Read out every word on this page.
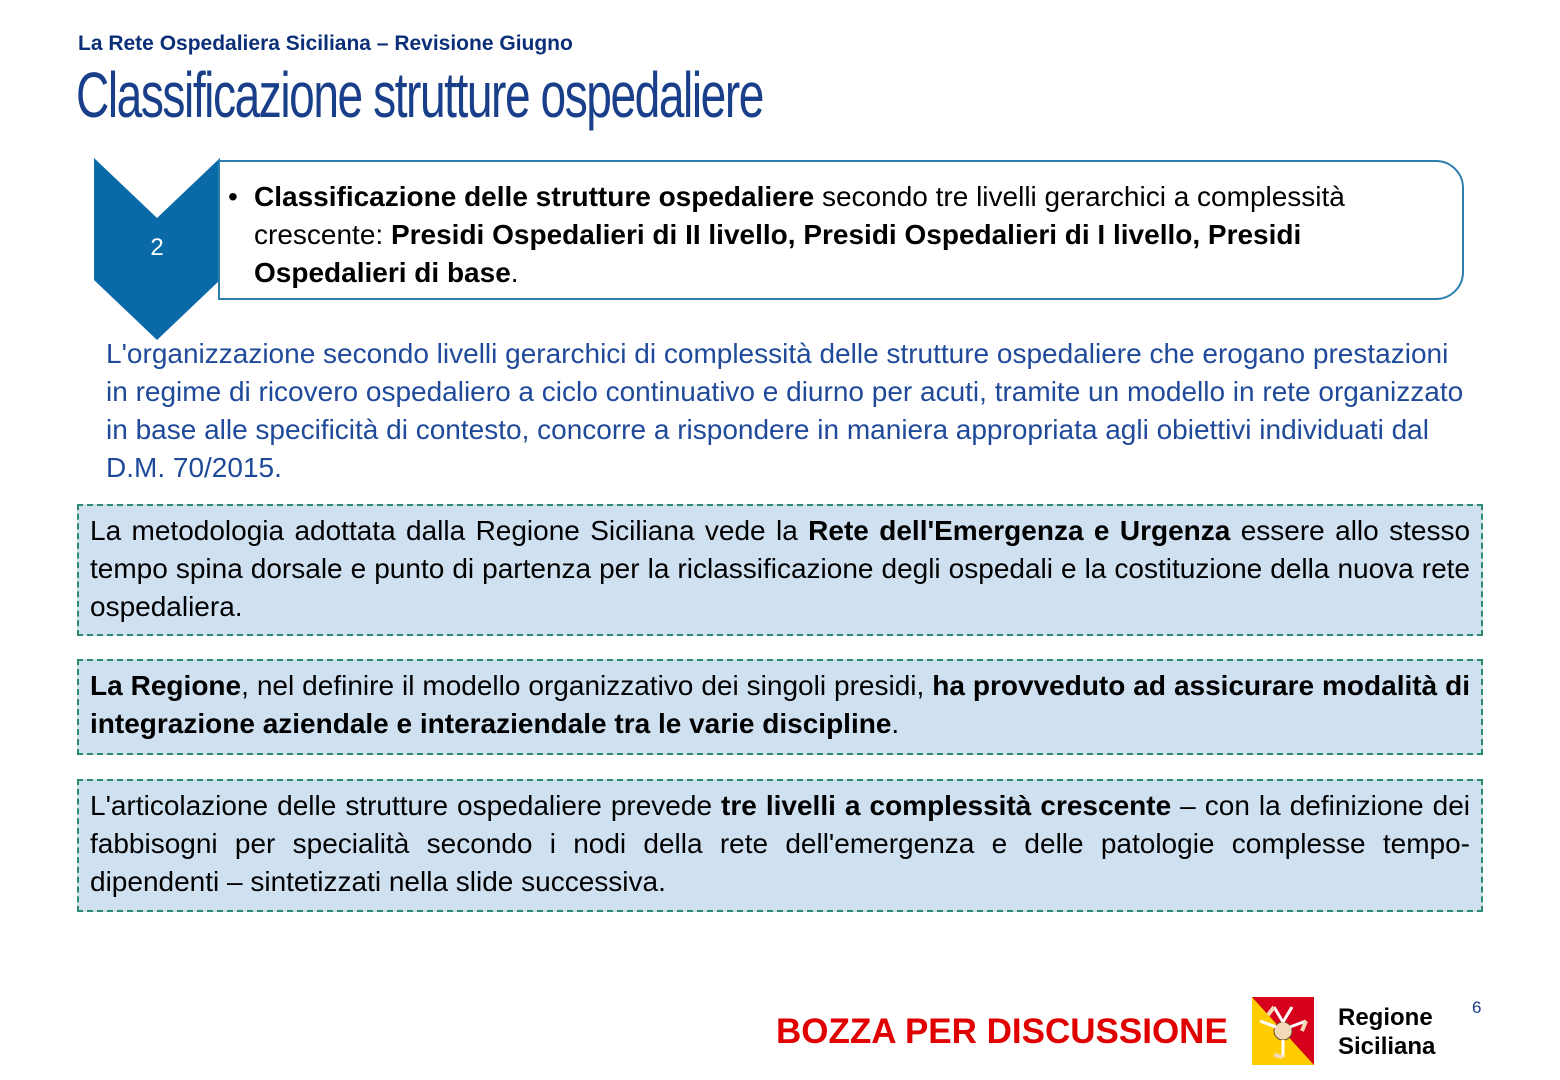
La Rete Ospedaliera Siciliana – Revisione Giugno
Classificazione strutture ospedaliere
2
• Classificazione delle strutture ospedaliere secondo tre livelli gerarchici a complessità crescente: Presidi Ospedalieri di II livello, Presidi Ospedalieri di I livello, Presidi Ospedalieri di base.
L'organizzazione secondo livelli gerarchici di complessità delle strutture ospedaliere che erogano prestazioni in regime di ricovero ospedaliero a ciclo continuativo e diurno per acuti, tramite un modello in rete organizzato in base alle specificità di contesto, concorre a rispondere in maniera appropriata agli obiettivi individuati dal D.M. 70/2015.
La metodologia adottata dalla Regione Siciliana vede la Rete dell'Emergenza e Urgenza essere allo stesso tempo spina dorsale e punto di partenza per la riclassificazione degli ospedali e la costituzione della nuova rete ospedaliera.
La Regione, nel definire il modello organizzativo dei singoli presidi, ha provveduto ad assicurare modalità di integrazione aziendale e interaziendale tra le varie discipline.
L'articolazione delle strutture ospedaliere prevede tre livelli a complessità crescente – con la definizione dei fabbisogni per specialità secondo i nodi della rete dell'emergenza e delle patologie complesse tempo-dipendenti – sintetizzati nella slide successiva.
BOZZA PER DISCUSSIONE	Regione
Siciliana
6
